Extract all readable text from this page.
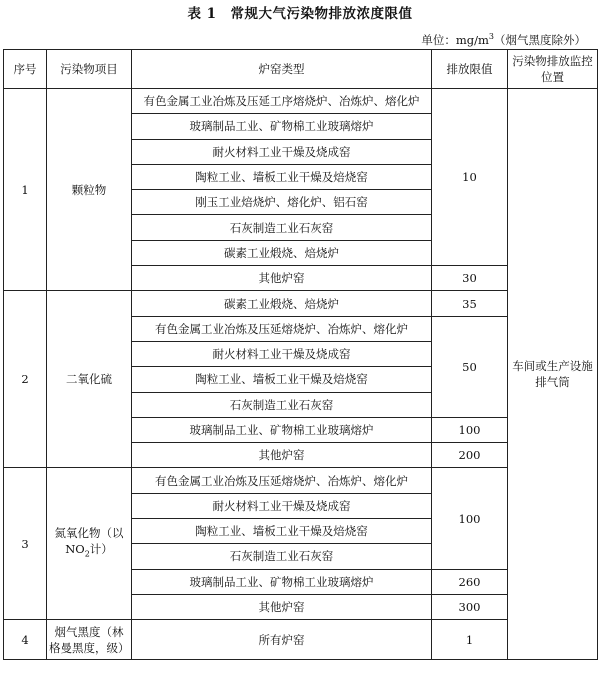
表 1 常规大气污染物排放浓度限值
单位：$mg/m^3$（烟气黑度除外）
序号	污染物项目	炉窑类型	排放限值	污染物排放监控位置	
1	颗粒物	有色金属工业冶炼及压延工序熔烧炉、冶炼炉、熔化炉	10	车间或生产设施排气筒	
		玻璃制品工业、矿物棉工业玻璃熔炉			
		耐火材料工业干燥及烧成窑			
		陶粒工业、墙板工业干燥及焙烧窑			
		刚玉工业焙烧炉、熔化炉、铝石窑			
		石灰制造工业石灰窑			
		碳素工业煅烧、焙烧炉			
		其他炉窑	30		
2	二氧化硫	碳素工业煅烧、焙烧炉	35		
		有色金属工业冶炼及压延熔烧炉、冶炼炉、熔化炉	50		
		耐火材料工业干燥及烧成窑			
		陶粒工业、墙板工业干燥及焙烧窑			
		石灰制造工业石灰窑			
		玻璃制品工业、矿物棉工业玻璃熔炉	100		
		其他炉窑	200		
3	氮氧化物（以
$NO_2$计）	有色金属工业冶炼及压延熔烧炉、冶炼炉、熔化炉	100		
		耐火材料工业干燥及烧成窑			
		陶粒工业、墙板工业干燥及焙烧窑			
		石灰制造工业石灰窑			
		玻璃制品工业、矿物棉工业玻璃熔炉	260		
		其他炉窑	300		
4	烟气黑度（林格曼黑度，级）	所有炉窑	1		
